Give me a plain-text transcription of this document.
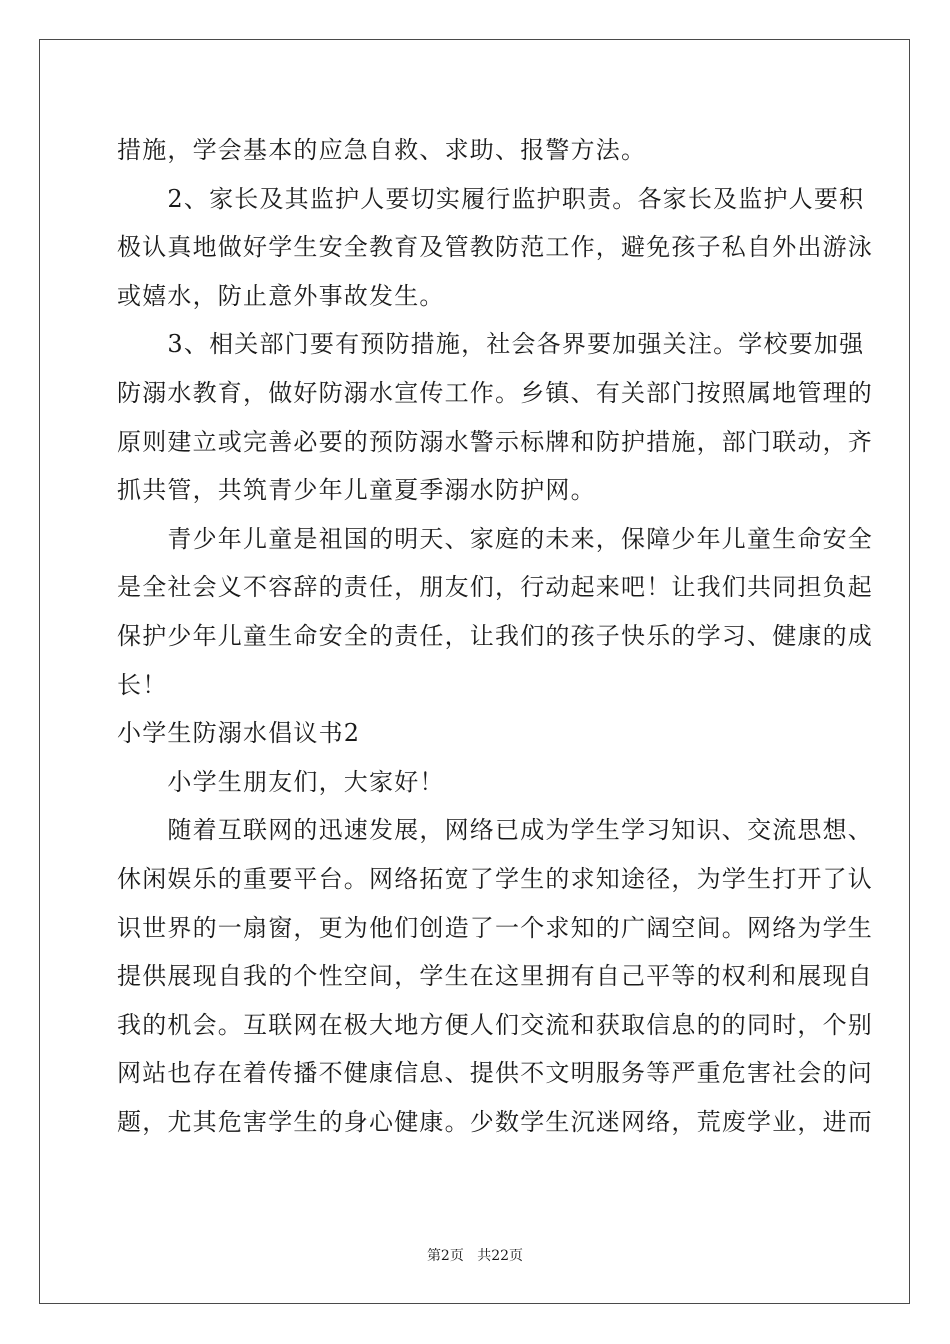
措施，学会基本的应急自救、求助、报警方法。
　　2、家长及其监护人要切实履行监护职责。各家长及监护人要积
极认真地做好学生安全教育及管教防范工作，避免孩子私自外出游泳
或嬉水，防止意外事故发生。
　　3、相关部门要有预防措施，社会各界要加强关注。学校要加强
防溺水教育，做好防溺水宣传工作。乡镇、有关部门按照属地管理的
原则建立或完善必要的预防溺水警示标牌和防护措施，部门联动，齐
抓共管，共筑青少年儿童夏季溺水防护网。
　　青少年儿童是祖国的明天、家庭的未来，保障少年儿童生命安全
是全社会义不容辞的责任，朋友们，行动起来吧！让我们共同担负起
保护少年儿童生命安全的责任，让我们的孩子快乐的学习、健康的成
长！
小学生防溺水倡议书2
　　小学生朋友们，大家好！
　　随着互联网的迅速发展，网络已成为学生学习知识、交流思想、
休闲娱乐的重要平台。网络拓宽了学生的求知途径，为学生打开了认
识世界的一扇窗，更为他们创造了一个求知的广阔空间。网络为学生
提供展现自我的个性空间，学生在这里拥有自己平等的权利和展现自
我的机会。互联网在极大地方便人们交流和获取信息的的同时，个别
网站也存在着传播不健康信息、提供不文明服务等严重危害社会的问
题，尤其危害学生的身心健康。少数学生沉迷网络，荒废学业，进而
第2页 共22页
